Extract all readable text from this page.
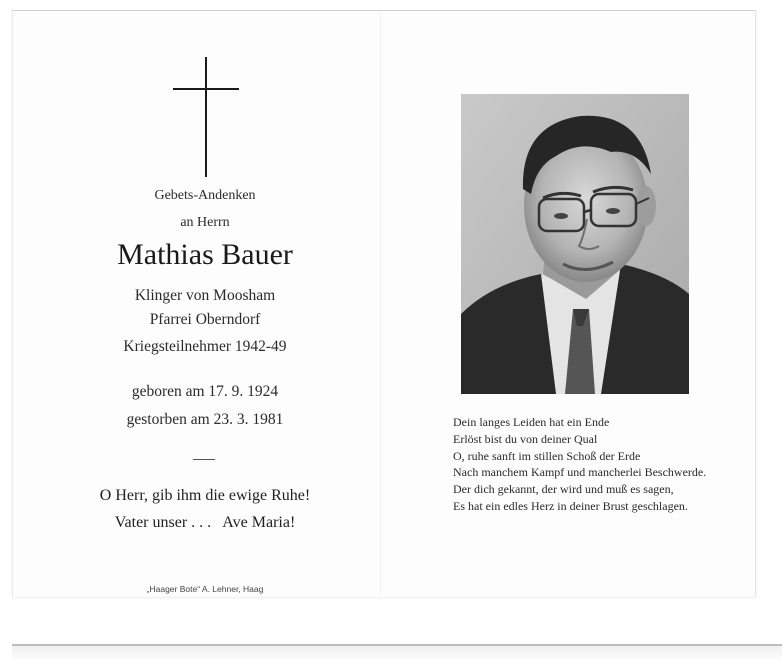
Gebets-Andenken
an Herrn
Mathias Bauer
Klinger von Moosham
Pfarrei Oberndorf
Kriegsteilnehmer 1942-49
geboren am 17. 9. 1924
gestorben am 23. 3. 1981
O Herr, gib ihm die ewige Ruhe!
Vater unser . . .   Ave Maria!
„Haager Bote“ A. Lehner, Haag
Dein langes Leiden hat ein Ende
Erlöst bist du von deiner Qual
O, ruhe sanft im stillen Schoß der Erde
Nach manchem Kampf und mancherlei Beschwerde.
Der dich gekannt, der wird und muß es sagen,
Es hat ein edles Herz in deiner Brust geschlagen.
